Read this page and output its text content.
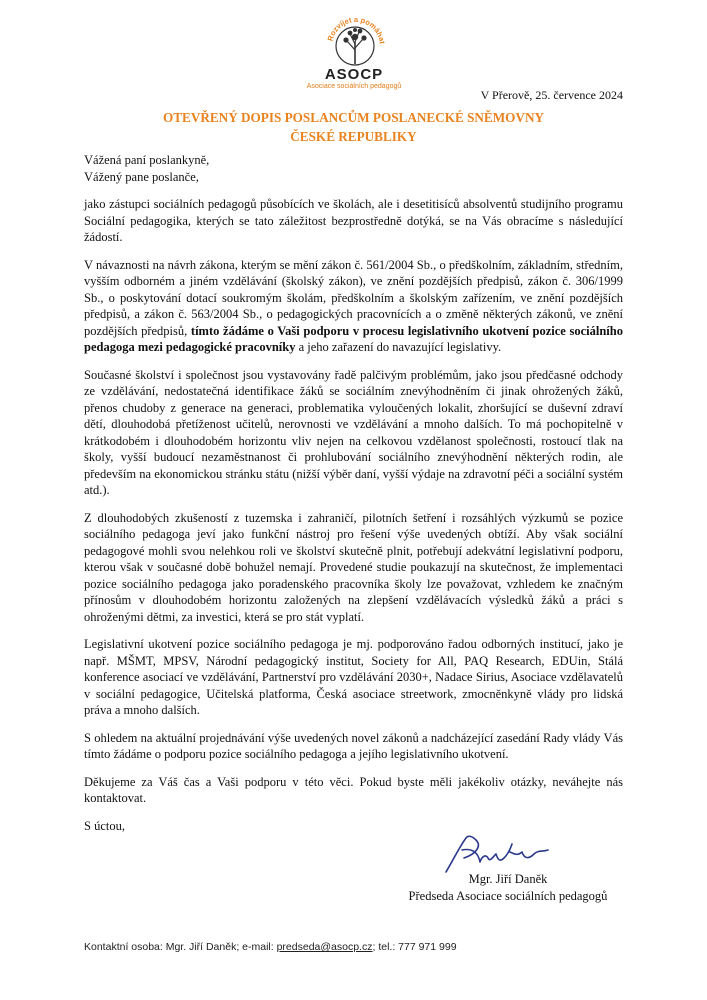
Rozvíjet a pomáhat
ASOCP
Asociace sociálních pedagogů
V Přerově, 25. července 2024
OTEVŘENÝ DOPIS POSLANCŮM POSLANECKÉ SNĚMOVNY
ČESKÉ REPUBLIKY
Vážená paní poslankyně,
Vážený pane poslanče,

jako zástupci sociálních pedagogů působících ve školách, ale i desetitisíců absolventů studijního programu Sociální pedagogika, kterých se tato záležitost bezprostředně dotýká, se na Vás obracíme s následující žádostí.

V návaznosti na návrh zákona, kterým se mění zákon č. 561/2004 Sb., o předškolním, základním, středním, vyšším odborném a jiném vzdělávání (školský zákon), ve znění pozdějších předpisů, zákon č. 306/1999 Sb., o poskytování dotací soukromým školám, předškolním a školským zařízením, ve znění pozdějších předpisů, a zákon č. 563/2004 Sb., o pedagogických pracovnících a o změně některých zákonů, ve znění pozdějších předpisů, tímto žádáme o Vaši podporu v procesu legislativního ukotvení pozice sociálního pedagoga mezi pedagogické pracovníky a jeho zařazení do navazující legislativy.

Současné školství i společnost jsou vystavovány řadě palčivým problémům, jako jsou předčasné odchody ze vzdělávání, nedostatečná identifikace žáků se sociálním znevýhodněním či jinak ohrožených žáků, přenos chudoby z generace na generaci, problematika vyloučených lokalit, zhoršující se duševní zdraví dětí, dlouhodobá přetíženost učitelů, nerovnosti ve vzdělávání a mnoho dalších. To má pochopitelně v krátkodobém i dlouhodobém horizontu vliv nejen na celkovou vzdělanost společnosti, rostoucí tlak na školy, vyšší budoucí nezaměstnanost či prohlubování sociálního znevýhodnění některých rodin, ale především na ekonomickou stránku státu (nižší výběr daní, vyšší výdaje na zdravotní péči a sociální systém atd.).

Z dlouhodobých zkušeností z tuzemska i zahraničí, pilotních šetření i rozsáhlých výzkumů se pozice sociálního pedagoga jeví jako funkční nástroj pro řešení výše uvedených obtíží. Aby však sociální pedagogové mohli svou nelehkou roli ve školství skutečně plnit, potřebují adekvátní legislativní podporu, kterou však v současné době bohužel nemají. Provedené studie poukazují na skutečnost, že implementaci pozice sociálního pedagoga jako poradenského pracovníka školy lze považovat, vzhledem ke značným přínosům v dlouhodobém horizontu založených na zlepšení vzdělávacích výsledků žáků a práci s ohroženými dětmi, za investici, která se pro stát vyplatí.

Legislativní ukotvení pozice sociálního pedagoga je mj. podporováno řadou odborných institucí, jako je např. MŠMT, MPSV, Národní pedagogický institut, Society for All, PAQ Research, EDUin, Stálá konference asociací ve vzdělávání, Partnerství pro vzdělávání 2030+, Nadace Sirius, Asociace vzdělavatelů v sociální pedagogice, Učitelská platforma, Česká asociace streetwork, zmocněnkyně vlády pro lidská práva a mnoho dalších.

S ohledem na aktuální projednávání výše uvedených novel zákonů a nadcházející zasedání Rady vlády Vás tímto žádáme o podporu pozice sociálního pedagoga a jejího legislativního ukotvení.

Děkujeme za Váš čas a Vaši podporu v této věci. Pokud byste měli jakékoliv otázky, neváhejte nás kontaktovat.

S úctou,
Mgr. Jiří Daněk
Předseda Asociace sociálních pedagogů
Kontaktní osoba: Mgr. Jiří Daněk; e-mail: predseda@asocp.cz; tel.: 777 971 999
